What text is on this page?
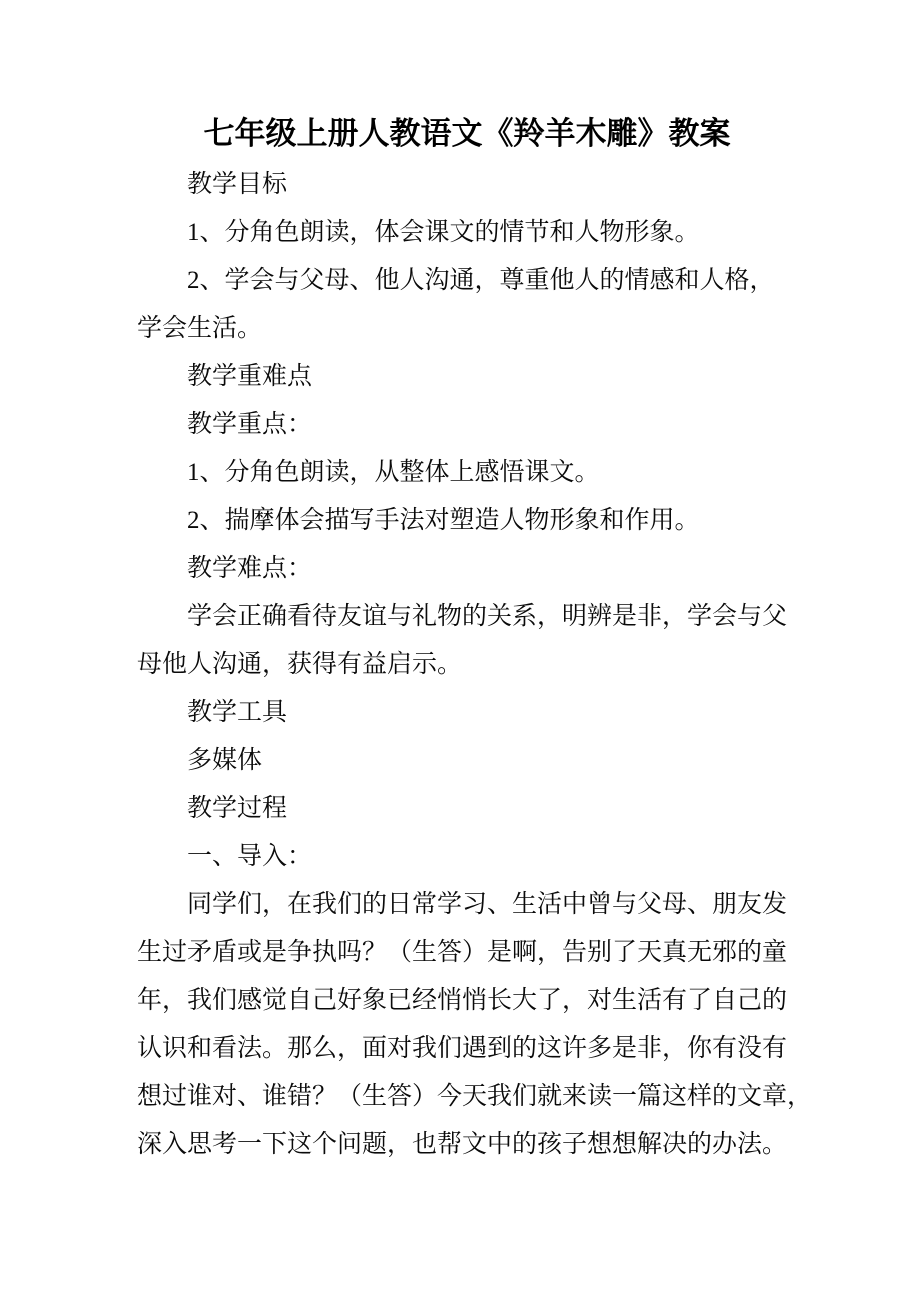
七年级上册人教语文《羚羊木雕》教案
教学目标
1、分角色朗读，体会课文的情节和人物形象。
2、学会与父母、他人沟通，尊重他人的情感和人格，
学会生活。
教学重难点
教学重点：
1、分角色朗读，从整体上感悟课文。
2、揣摩体会描写手法对塑造人物形象和作用。
教学难点：
学会正确看待友谊与礼物的关系，明辨是非，学会与父
母他人沟通，获得有益启示。
教学工具
多媒体
教学过程
一、导入：
同学们，在我们的日常学习、生活中曾与父母、朋友发
生过矛盾或是争执吗？（生答）是啊，告别了天真无邪的童
年，我们感觉自己好象已经悄悄长大了，对生活有了自己的
认识和看法。那么，面对我们遇到的这许多是非，你有没有
想过谁对、谁错？（生答）今天我们就来读一篇这样的文章，
深入思考一下这个问题，也帮文中的孩子想想解决的办法。
